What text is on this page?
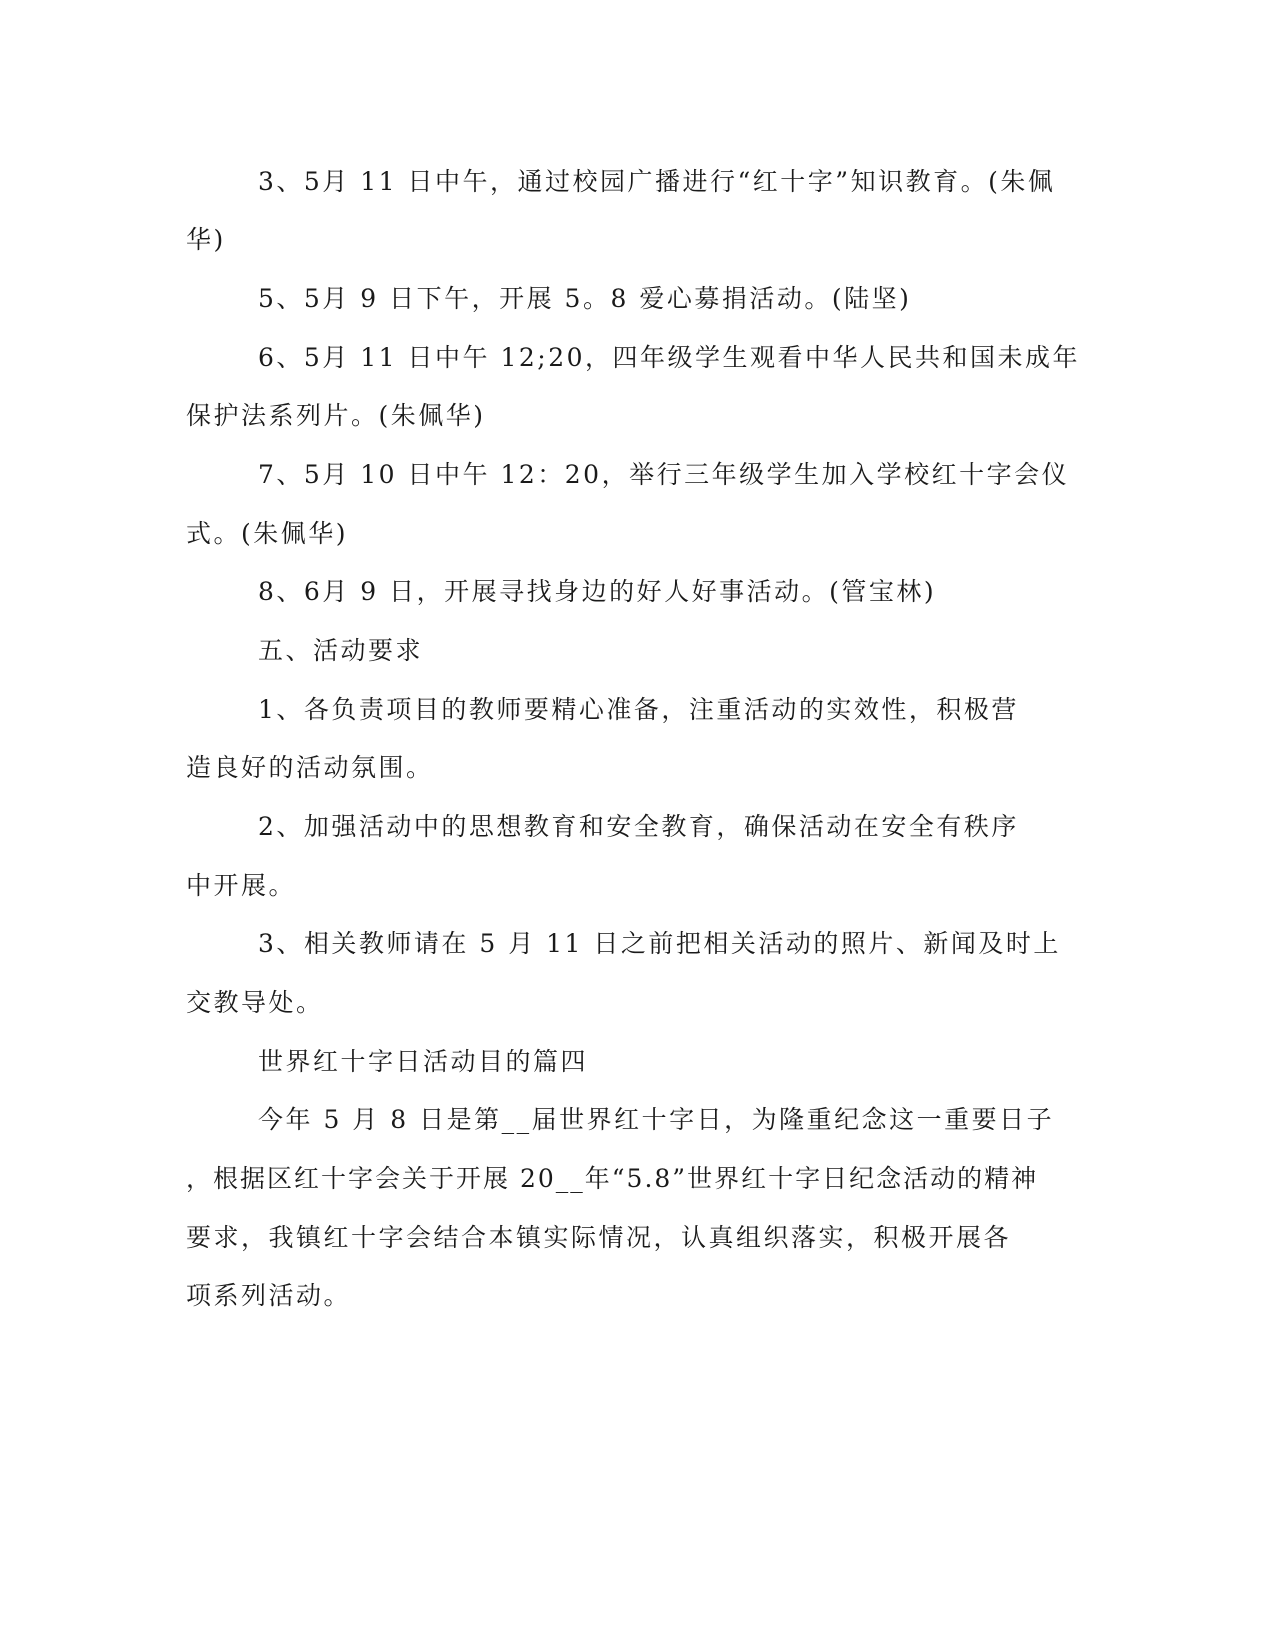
3、5月 11 日中午，通过校园广播进行“红十字”知识教育。(朱佩
华)
5、5月 9 日下午，开展 5。8 爱心募捐活动。(陆坚)
6、5月 11 日中午 12;20，四年级学生观看中华人民共和国未成年
保护法系列片。(朱佩华)
7、5月 10 日中午 12：20，举行三年级学生加入学校红十字会仪
式。(朱佩华)
8、6月 9 日，开展寻找身边的好人好事活动。(管宝林)
五、活动要求
1、各负责项目的教师要精心准备，注重活动的实效性，积极营
造良好的活动氛围。
2、加强活动中的思想教育和安全教育，确保活动在安全有秩序
中开展。
3、相关教师请在 5 月 11 日之前把相关活动的照片、新闻及时上
交教导处。
世界红十字日活动目的篇四
今年 5 月 8 日是第__届世界红十字日，为隆重纪念这一重要日子
，根据区红十字会关于开展 20__年“5.8”世界红十字日纪念活动的精神
要求，我镇红十字会结合本镇实际情况，认真组织落实，积极开展各
项系列活动。
